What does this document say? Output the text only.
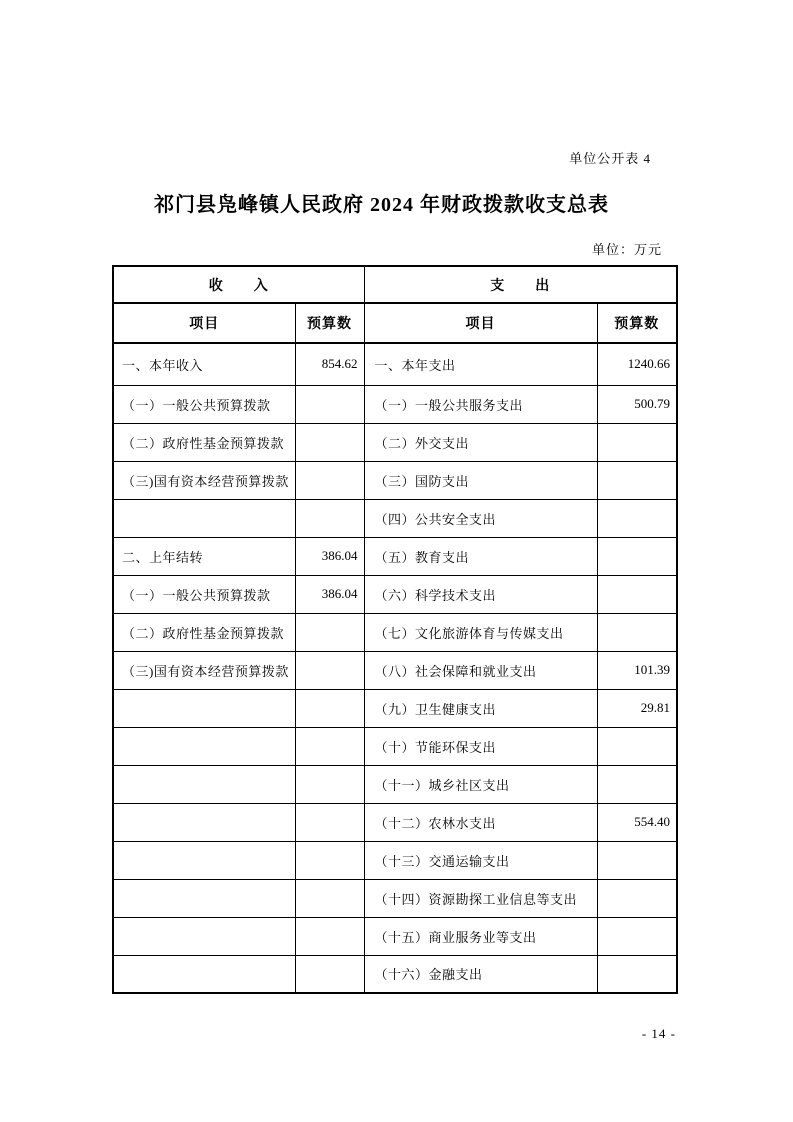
单位公开表 4
祁门县凫峰镇人民政府 2024 年财政拨款收支总表
单位：万元
收　　入		支　　出	
项目	预算数	项目	预算数
一、本年收入	854.62	一、本年支出	1240.66
（一）一般公共预算拨款		（一）一般公共服务支出	500.79
（二）政府性基金预算拨款		（二）外交支出	
（三)国有资本经营预算拨款		（三）国防支出	
		（四）公共安全支出	
二、上年结转	386.04	（五）教育支出	
（一）一般公共预算拨款	386.04	（六）科学技术支出	
（二）政府性基金预算拨款		（七）文化旅游体育与传媒支出	
（三)国有资本经营预算拨款		（八）社会保障和就业支出	101.39
		（九）卫生健康支出	29.81
		（十）节能环保支出	
		（十一）城乡社区支出	
		（十二）农林水支出	554.40
		（十三）交通运输支出	
		（十四）资源勘探工业信息等支出	
		（十五）商业服务业等支出	
		（十六）金融支出	
- 14 -
